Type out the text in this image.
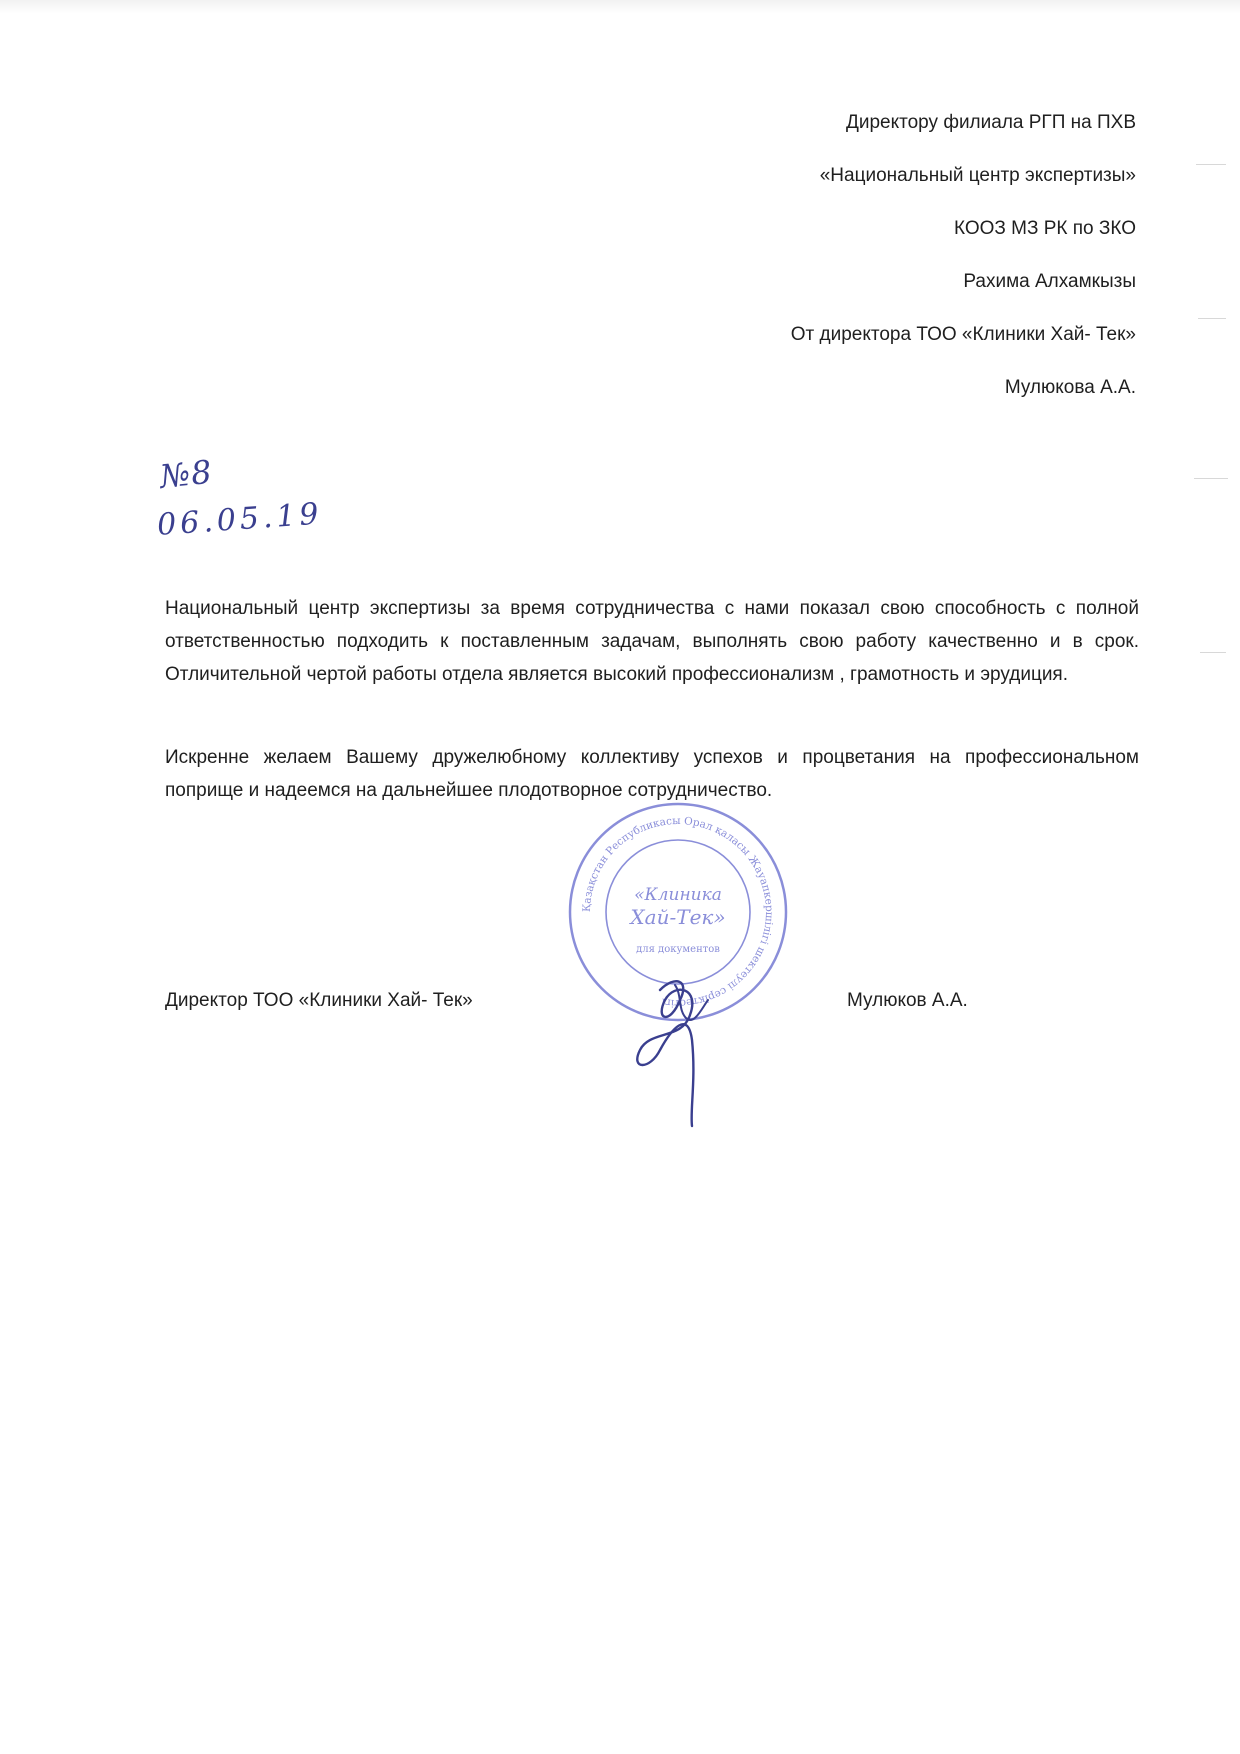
Директору филиала РГП на ПХВ
«Национальный центр экспертизы»
КООЗ МЗ РК по ЗКО
Рахима Алхамкызы
От директора ТОО «Клиники Хай- Тек»
Мулюкова А.А.
№8
06.05.19
Национальный центр экспертизы за время сотрудничества с нами показал свою способность с полной ответственностью подходить к поставленным задачам, выполнять свою работу качественно и в срок. Отличительной чертой работы отдела является высокий профессионализм , грамотность и эрудиция.
Искренне желаем Вашему дружелюбному коллективу успехов и процветания на профессиональном поприще и надеемся на дальнейшее плодотворное сотрудничество.
Қазақстан Республикасы Орал қаласы Жауапкершілігі шектеулі серіктестігі
«Клиника
Хай-Тек»
для документов
Директор ТОО «Клиники Хай- Тек»	Мулюков А.А.
